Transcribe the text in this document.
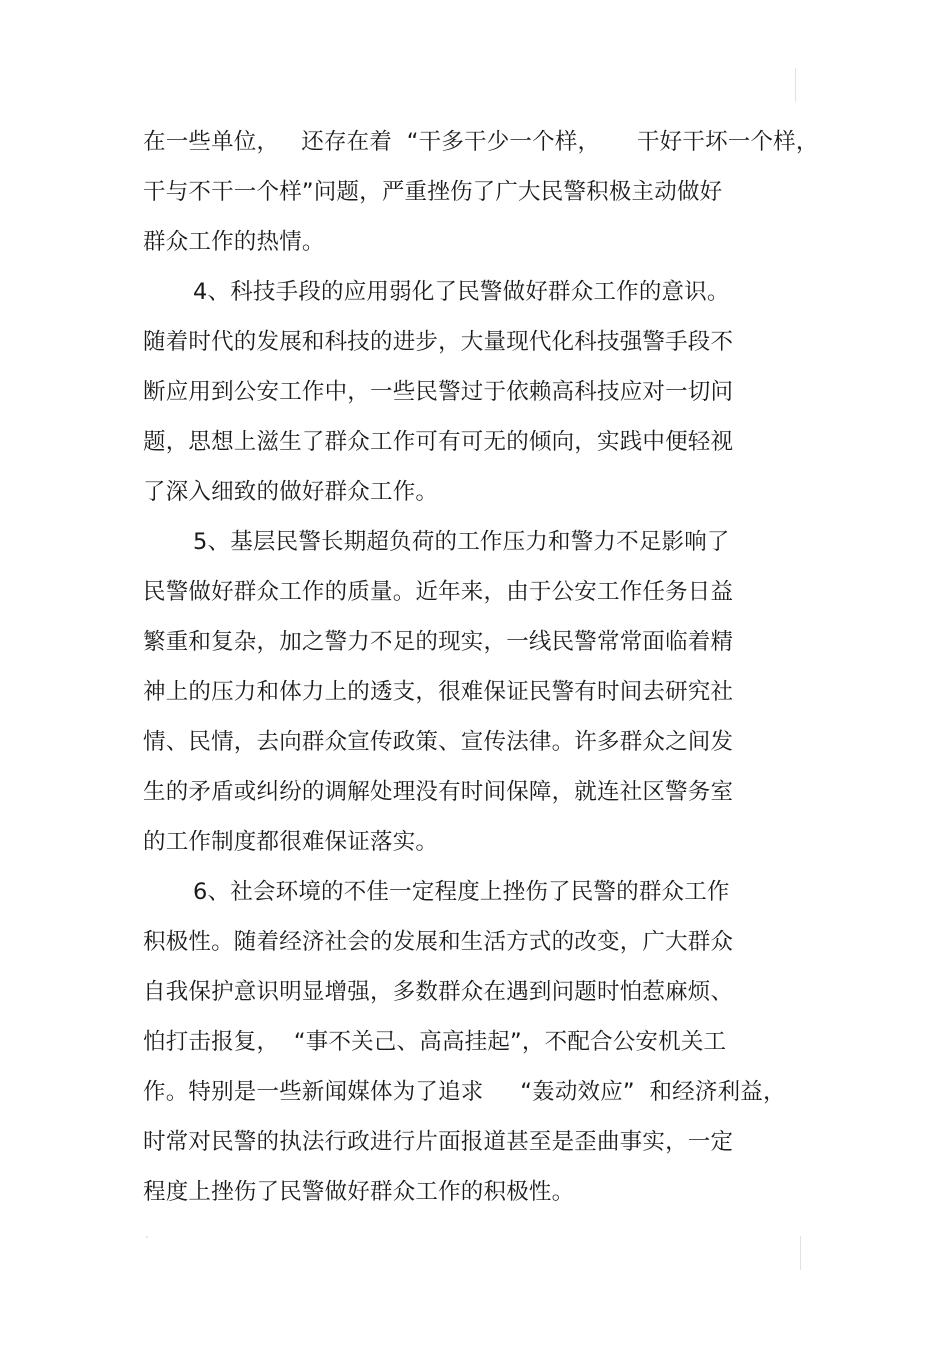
在一些单位，   还存在着  “干多干少一个样，     干好干坏一个样，
干与不干一个样”问题，严重挫伤了广大民警积极主动做好
群众工作的热情。
4、科技手段的应用弱化了民警做好群众工作的意识。
随着时代的发展和科技的进步，大量现代化科技强警手段不
断应用到公安工作中，一些民警过于依赖高科技应对一切问
题，思想上滋生了群众工作可有可无的倾向，实践中便轻视
了深入细致的做好群众工作。
5、基层民警长期超负荷的工作压力和警力不足影响了
民警做好群众工作的质量。近年来，由于公安工作任务日益
繁重和复杂，加之警力不足的现实，一线民警常常面临着精
神上的压力和体力上的透支，很难保证民警有时间去研究社
情、民情，去向群众宣传政策、宣传法律。许多群众之间发
生的矛盾或纠纷的调解处理没有时间保障，就连社区警务室
的工作制度都很难保证落实。
6、社会环境的不佳一定程度上挫伤了民警的群众工作
积极性。随着经济社会的发展和生活方式的改变，广大群众
自我保护意识明显增强，多数群众在遇到问题时怕惹麻烦、
怕打击报复，  “事不关己、高高挂起”，不配合公安机关工
作。特别是一些新闻媒体为了追求     “轰动效应”  和经济利益，
时常对民警的执法行政进行片面报道甚至是歪曲事实，一定
程度上挫伤了民警做好群众工作的积极性。
